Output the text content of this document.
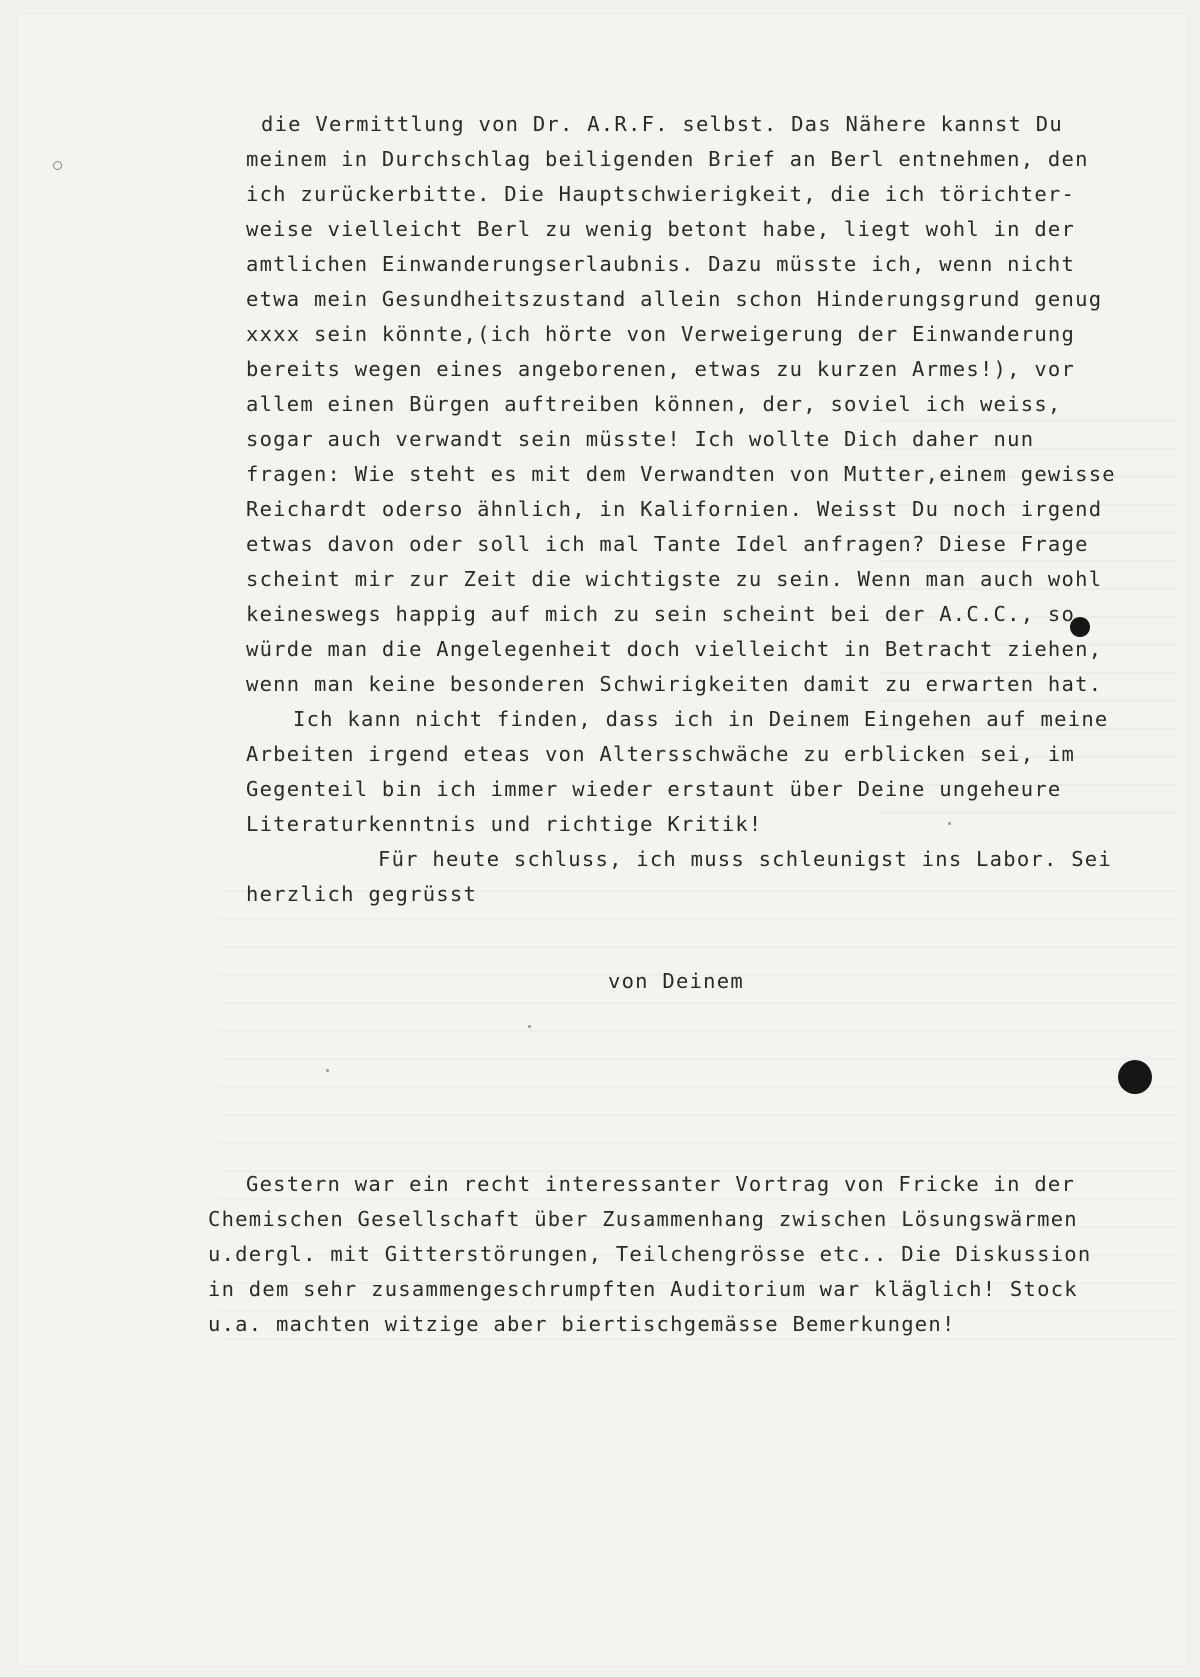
die Vermittlung von Dr. A.R.F. selbst. Das Nähere kannst Du
meinem in Durchschlag beiligenden Brief an Berl entnehmen, den
ich zurückerbitte. Die Hauptschwierigkeit, die ich törichter-
weise vielleicht Berl zu wenig betont habe, liegt wohl in der
amtlichen Einwanderungserlaubnis. Dazu müsste ich, wenn nicht
etwa mein Gesundheitszustand allein schon Hinderungsgrund genug
xxxx sein könnte,(ich hörte von Verweigerung der Einwanderung
bereits wegen eines angeborenen, etwas zu kurzen Armes!), vor
allem einen Bürgen auftreiben können, der, soviel ich weiss,
sogar auch verwandt sein müsste! Ich wollte Dich daher nun
fragen: Wie steht es mit dem Verwandten von Mutter,einem gewisse
Reichardt oderso ähnlich, in Kalifornien. Weisst Du noch irgend
etwas davon oder soll ich mal Tante Idel anfragen? Diese Frage
scheint mir zur Zeit die wichtigste zu sein. Wenn man auch wohl
keineswegs happig auf mich zu sein scheint bei der A.C.C., so
würde man die Angelegenheit doch vielleicht in Betracht ziehen,
wenn man keine besonderen Schwirigkeiten damit zu erwarten hat.
Ich kann nicht finden, dass ich in Deinem Eingehen auf meine
Arbeiten irgend eteas von Altersschwäche zu erblicken sei, im
Gegenteil bin ich immer wieder erstaunt über Deine ungeheure
Literaturkenntnis und richtige Kritik!
Für heute schluss, ich muss schleunigst ins Labor. Sei
herzlich gegrüsst
von Deinem
Gestern war ein recht interessanter Vortrag von Fricke in der
Chemischen Gesellschaft über Zusammenhang zwischen Lösungswärmen
u.dergl. mit Gitterstörungen, Teilchengrösse etc.. Die Diskussion
in dem sehr zusammengeschrumpften Auditorium war kläglich! Stock
u.a. machten witzige aber biertischgemässe Bemerkungen!
